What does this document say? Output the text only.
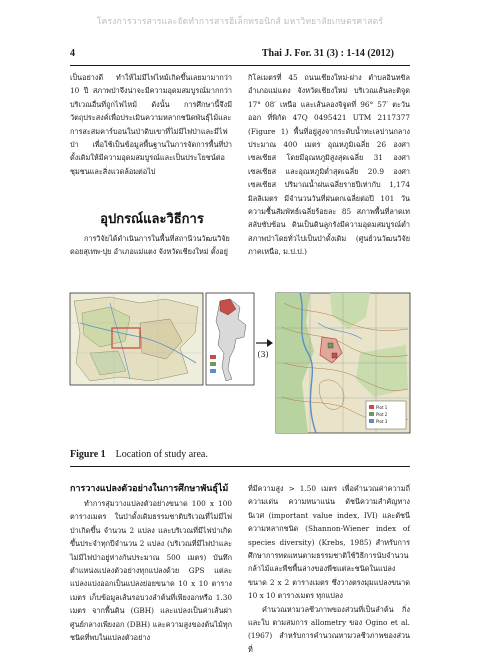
โครงการวารสารและจัดทำการสารอิเล็กทรอนิกส์ มหาวิทยาลัยเกษตรศาสตร์
4	Thai J. For. 31 (3) : 1-14 (2012)

เป็นอย่างดี ทำให้ไม่มีไฟไหม้เกิดขึ้นเลยมามากว่า 10 ปี สภาพป่าจึงน่าจะมีความอุดมสมบูรณ์มากกว่าบริเวณอื่นที่ถูกไฟไหม้ ดังนั้น การศึกษานี้จึงมีวัตถุประสงค์เพื่อประเมินความหลากชนิดพันธุ์ไม้และการสะสมคาร์บอนในป่าดิบเขาที่ไม่มีไฟป่าและมีไฟป่า เพื่อใช้เป็นข้อมูลพื้นฐานในการจัดการพื้นที่ป่าดั้งเดิมให้มีความอุดมสมบูรณ์และเป็นประโยชน์ต่อชุมชนและสิ่งแวดล้อมต่อไป

อุปกรณ์และวิธีการ

การวิจัยได้ดำเนินการในพื้นที่สถานีวนวัฒนวิจัยดอยสุเทพ-ปุย อำเภอแม่แตง จังหวัดเชียงใหม่ ตั้งอยู่

กิโลเมตรที่ 45 ถนนเชียงใหม่-ฝาง ตำบลอินทขิล อำเภอแม่แตง จังหวัดเชียงใหม่ บริเวณเส้นละติจูด 17° 08′ เหนือ และเส้นลองจิจูดที่ 96° 57′ ตะวันออก ที่พิกัด 47Q 0495421 UTM 2117377 (Figure 1) พื้นที่อยู่สูงจากระดับน้ำทะเลปานกลางประมาณ 400 เมตร อุณหภูมิเฉลี่ย 26 องศาเซลเซียส โดยมีอุณหภูมิสูงสุดเฉลี่ย 31 องศาเซลเซียส และอุณหภูมิต่ำสุดเฉลี่ย 20.9 องศาเซลเซียส ปริมาณน้ำฝนเฉลี่ยรายปีเท่ากับ 1,174 มิลลิเมตร มีจำนวนวันที่ฝนตกเฉลี่ยต่อปี 101 วัน ความชื้นสัมพัทธ์เฉลี่ยร้อยละ 85 สภาพพื้นที่ลาดเทสลับซับซ้อน ดินเป็นดินลูกรังมีความอุดมสมบูรณ์ต่ำ สภาพป่าโดยทั่วไปเป็นป่าดั้งเดิม (ศูนย์วนวัฒนวิจัยภาคเหนือ, ม.ป.ป.)

(3)
Plot 1
Plot 2
Plot 3
Figure 1 Location of study area.
การวางแปลงตัวอย่างในการศึกษาพันธุ์ไม้

ทำการสุ่มวางแปลงตัวอย่างขนาด 100 x 100 ตารางเมตร ในป่าดั้งเดิมธรรมชาติบริเวณที่ไม่มีไฟป่าเกิดขึ้น จำนวน 2 แปลง และบริเวณที่มีไฟป่าเกิดขึ้นประจำทุกปีจำนวน 2 แปลง (บริเวณที่มีไฟป่าและไม่มีไฟป่าอยู่ห่างกันประมาณ 500 เมตร) บันทึกตำแหน่งแปลงตัวอย่างทุกแปลงด้วย GPS แต่ละแปลงแบ่งออกเป็นแปลงย่อยขนาด 10 x 10 ตารางเมตร เก็บข้อมูลเส้นรอบวงลำต้นที่เพียงอกหรือ 1.30 เมตร จากพื้นดิน (GBH) และแปลงเป็นค่าเส้นผ่าศูนย์กลางเพียงอก (DBH) และความสูงของต้นไม้ทุกชนิดที่พบในแปลงตัวอย่าง

ที่มีความสูง > 1.50 เมตร เพื่อคำนวณค่าความถี่ ความเด่น ความหนาแน่น ดัชนีความสำคัญทางนิเวศ (important value index, IVI) และดัชนีความหลากชนิด (Shannon-Wiener index of species diversity) (Krebs, 1985) สำหรับการศึกษาการทดแทนตามธรรมชาติใช้วิธีการนับจำนวนกล้าไม้และพืชพื้นล่างของพืชแต่ละชนิดในแปลงขนาด 2 x 2 ตารางเมตร ซึ่งวางตรงมุมแปลงขนาด 10 x 10 ตารางเมตร ทุกแปลง

คำนวณหามวลชีวภาพของส่วนที่เป็นลำต้น กิ่ง และใบ ตามสมการ allometry ของ Ogino et al. (1967) สำหรับการคำนวณหามวลชีวภาพของส่วนที่
